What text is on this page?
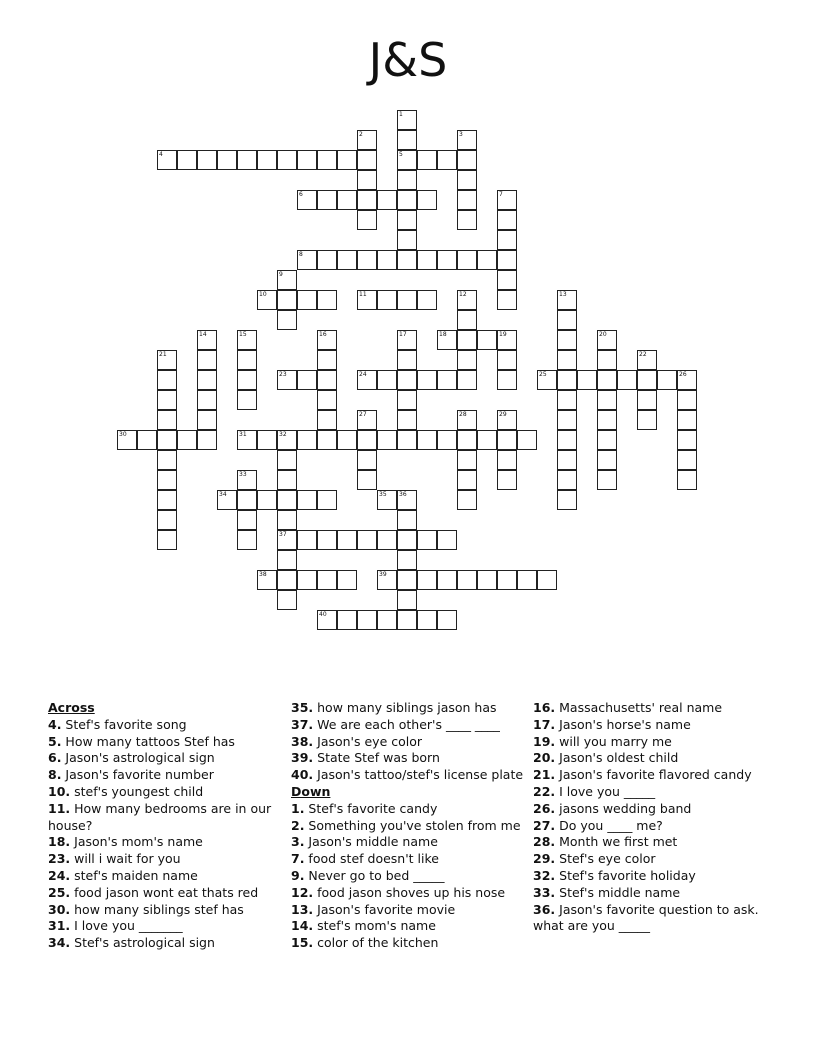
J&S
4	5
6
8
10	11
18
23	24	25	26
30	31	32
34
37
38	39
40
1
2	3
7
9
12	13
14	15	16	17	19	20
21	22
27	28	29
33
35 36
Across
4. Stef's favorite song
5. How many tattoos Stef has
6. Jason's astrological sign
8. Jason's favorite number
10. stef's youngest child
11. How many bedrooms are in our house?
18. Jason's mom's name
23. will i wait for you
24. stef's maiden name
25. food jason wont eat thats red
30. how many siblings stef has
31. I love you _______
34. Stef's astrological sign
35. how many siblings jason has
37. We are each other's ____ ____
38. Jason's eye color
39. State Stef was born
40. Jason's tattoo/stef's license plate
Down
1. Stef's favorite candy
2. Something you've stolen from me
3. Jason's middle name
7. food stef doesn't like
9. Never go to bed _____
12. food jason shoves up his nose
13. Jason's favorite movie
14. stef's mom's name
15. color of the kitchen
16. Massachusetts' real name
17. Jason's horse's name
19. will you marry me
20. Jason's oldest child
21. Jason's favorite flavored candy
22. I love you _____
26. jasons wedding band
27. Do you ____ me?
28. Month we first met
29. Stef's eye color
32. Stef's favorite holiday
33. Stef's middle name
36. Jason's favorite question to ask. what are you _____
